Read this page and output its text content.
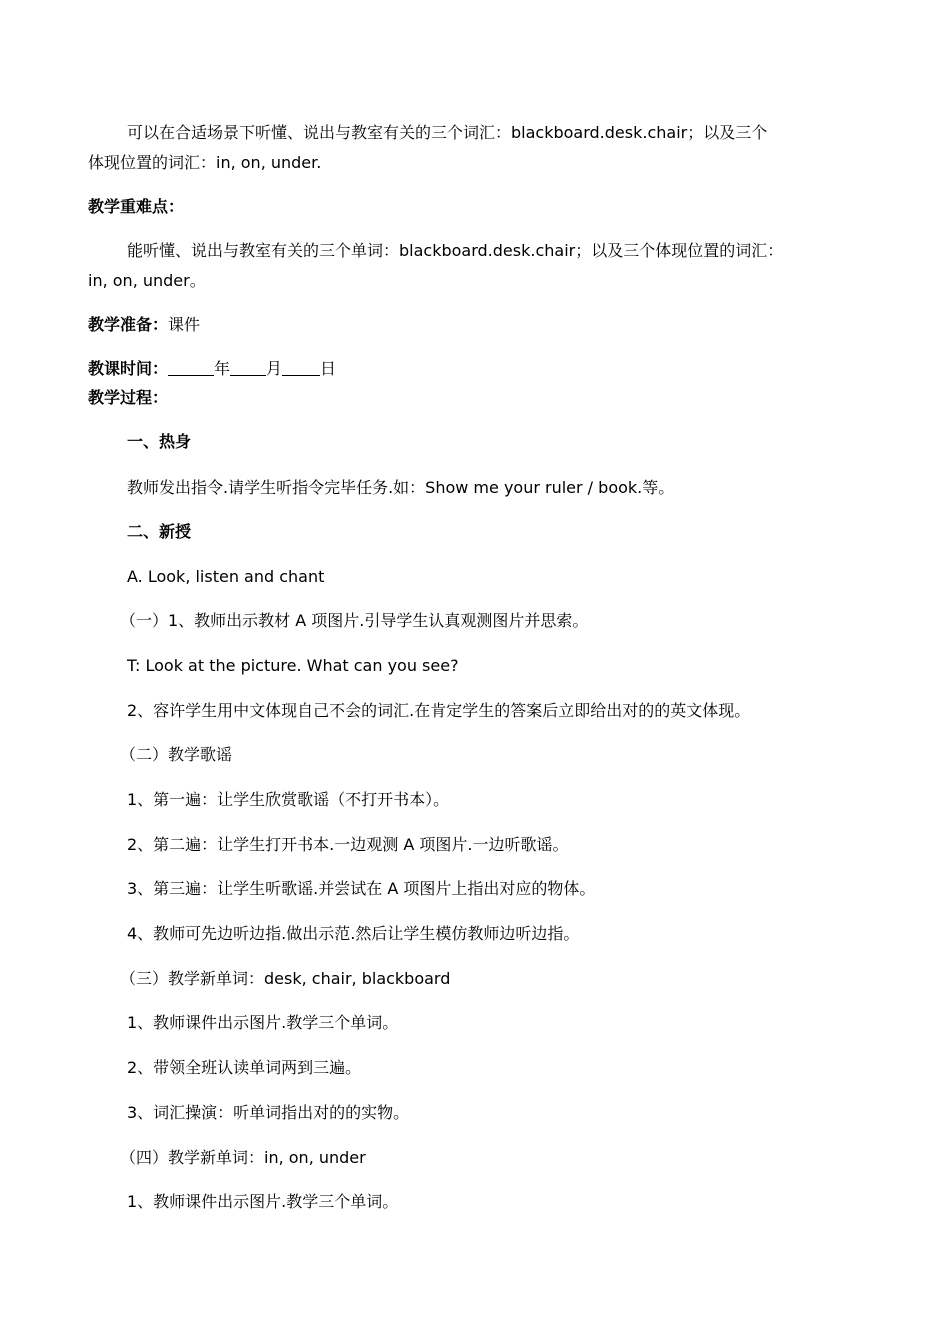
可以在合适场景下听懂、说出与教室有关的三个词汇：blackboard.desk.chair；以及三个
体现位置的词汇：in, on, under.
教学重难点：
能听懂、说出与教室有关的三个单词：blackboard.desk.chair；以及三个体现位置的词汇：
in, on, under。
教学准备：课件
教课时间：	年 月 日
教学过程：
一、热身
教师发出指令.请学生听指令完毕任务.如：Show me your ruler / book.等。
二、新授
A. Look, listen and chant
（一）1、教师出示教材 A 项图片.引导学生认真观测图片并思索。
T: Look at the picture. What can you see?
2、容许学生用中文体现自己不会的词汇.在肯定学生的答案后立即给出对的的英文体现。
（二）教学歌谣
1、第一遍：让学生欣赏歌谣（不打开书本）。
2、第二遍：让学生打开书本.一边观测 A 项图片.一边听歌谣。
3、第三遍：让学生听歌谣.并尝试在 A 项图片上指出对应的物体。
4、教师可先边听边指.做出示范.然后让学生模仿教师边听边指。
（三）教学新单词：desk, chair, blackboard
1、教师课件出示图片.教学三个单词。
2、带领全班认读单词两到三遍。
3、词汇操演：听单词指出对的的实物。
（四）教学新单词：in, on, under
1、教师课件出示图片.教学三个单词。
